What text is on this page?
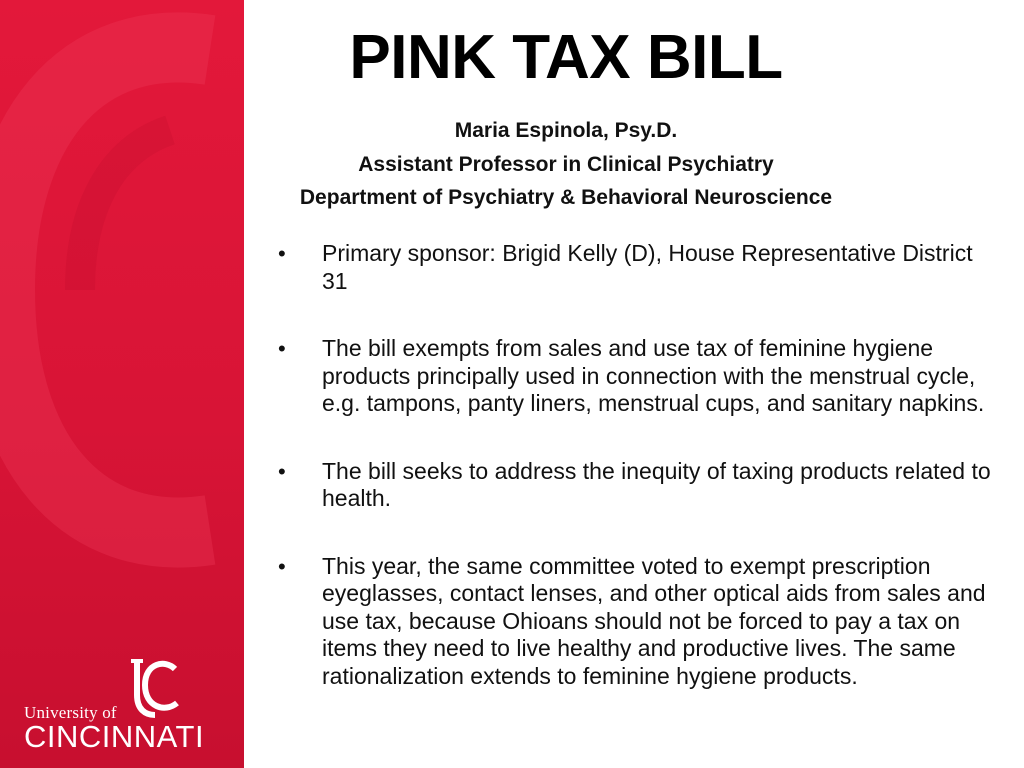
University of
CINCINNATI
PINK TAX BILL
Maria Espinola, Psy.D.
Assistant Professor in Clinical Psychiatry
Department of Psychiatry & Behavioral Neuroscience
• Primary sponsor: Brigid Kelly (D), House Representative District 31
• The bill exempts from sales and use tax of feminine hygiene products principally used in connection with the menstrual cycle, e.g. tampons, panty liners, menstrual cups, and sanitary napkins.
• The bill seeks to address the inequity of taxing products related to health.
• This year, the same committee voted to exempt prescription eyeglasses, contact lenses, and other optical aids from sales and use tax, because Ohioans should not be forced to pay a tax on items they need to live healthy and productive lives. The same rationalization extends to feminine hygiene products.
